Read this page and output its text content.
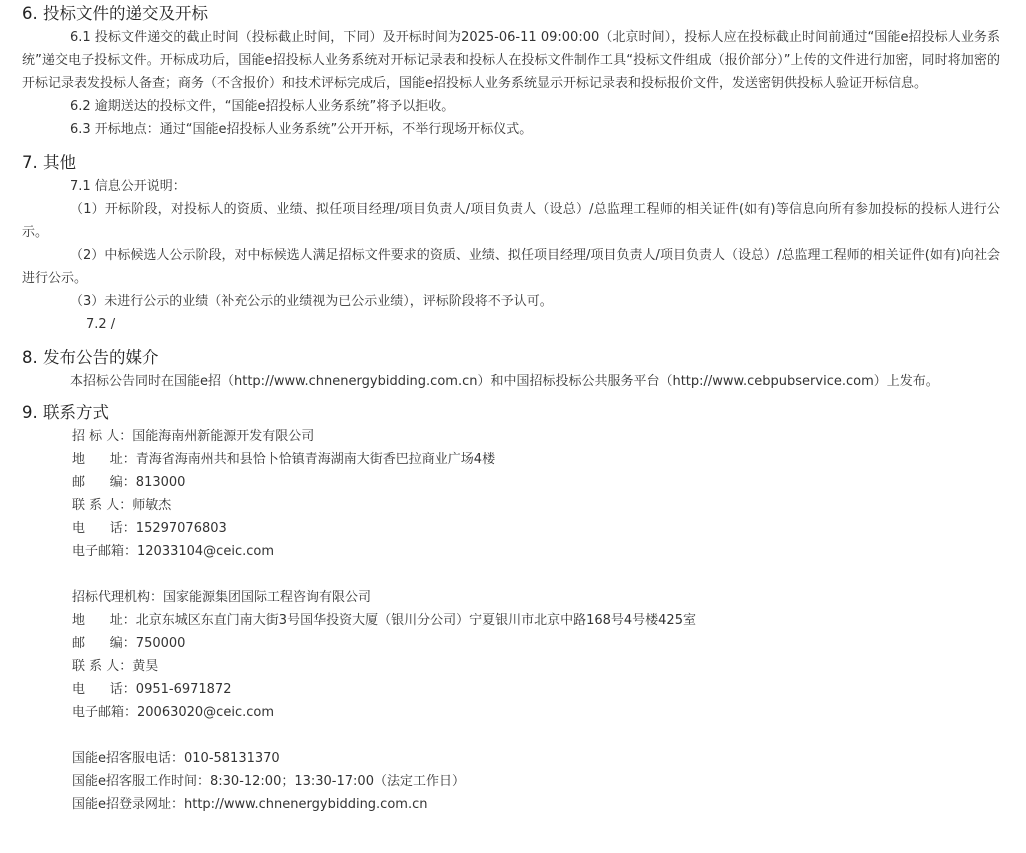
6. 投标文件的递交及开标

6.1 投标文件递交的截止时间（投标截止时间，下同）及开标时间为2025-06-11 09:00:00（北京时间），投标人应在投标截止时间前通过“国能e招投标人业务系统”递交电子投标文件。开标成功后，国能e招投标人业务系统对开标记录表和投标人在投标文件制作工具“投标文件组成（报价部分）”上传的文件进行加密，同时将加密的开标记录表发投标人备查；商务（不含报价）和技术评标完成后，国能e招投标人业务系统显示开标记录表和投标报价文件，发送密钥供投标人验证开标信息。

6.2 逾期送达的投标文件，“国能e招投标人业务系统”将予以拒收。

6.3 开标地点：通过“国能e招投标人业务系统”公开开标，不举行现场开标仪式。

7. 其他

7.1 信息公开说明：

（1）开标阶段，对投标人的资质、业绩、拟任项目经理/项目负责人/项目负责人（设总）/总监理工程师的相关证件(如有)等信息向所有参加投标的投标人进行公示。

（2）中标候选人公示阶段，对中标候选人满足招标文件要求的资质、业绩、拟任项目经理/项目负责人/项目负责人（设总）/总监理工程师的相关证件(如有)向社会进行公示。

（3）未进行公示的业绩（补充公示的业绩视为已公示业绩），评标阶段将不予认可。

7.2 /

8. 发布公告的媒介

本招标公告同时在国能e招（http://www.chnenergybidding.com.cn）和中国招标投标公共服务平台（http://www.cebpubservice.com）上发布。

9. 联系方式
招 标 人：国能海南州新能源开发有限公司
地      址：青海省海南州共和县恰卜恰镇青海湖南大街香巴拉商业广场4楼
邮      编：813000
联 系 人：师敏杰
电      话：15297076803
电子邮箱：12033104@ceic.com
招标代理机构：国家能源集团国际工程咨询有限公司
地      址：北京东城区东直门南大街3号国华投资大厦（银川分公司）宁夏银川市北京中路168号4号楼425室
邮      编：750000
联 系 人：黄昊
电      话：0951-6971872
电子邮箱：20063020@ceic.com
国能e招客服电话：010-58131370
国能e招客服工作时间：8:30-12:00；13:30-17:00（法定工作日）
国能e招登录网址：http://www.chnenergybidding.com.cn
